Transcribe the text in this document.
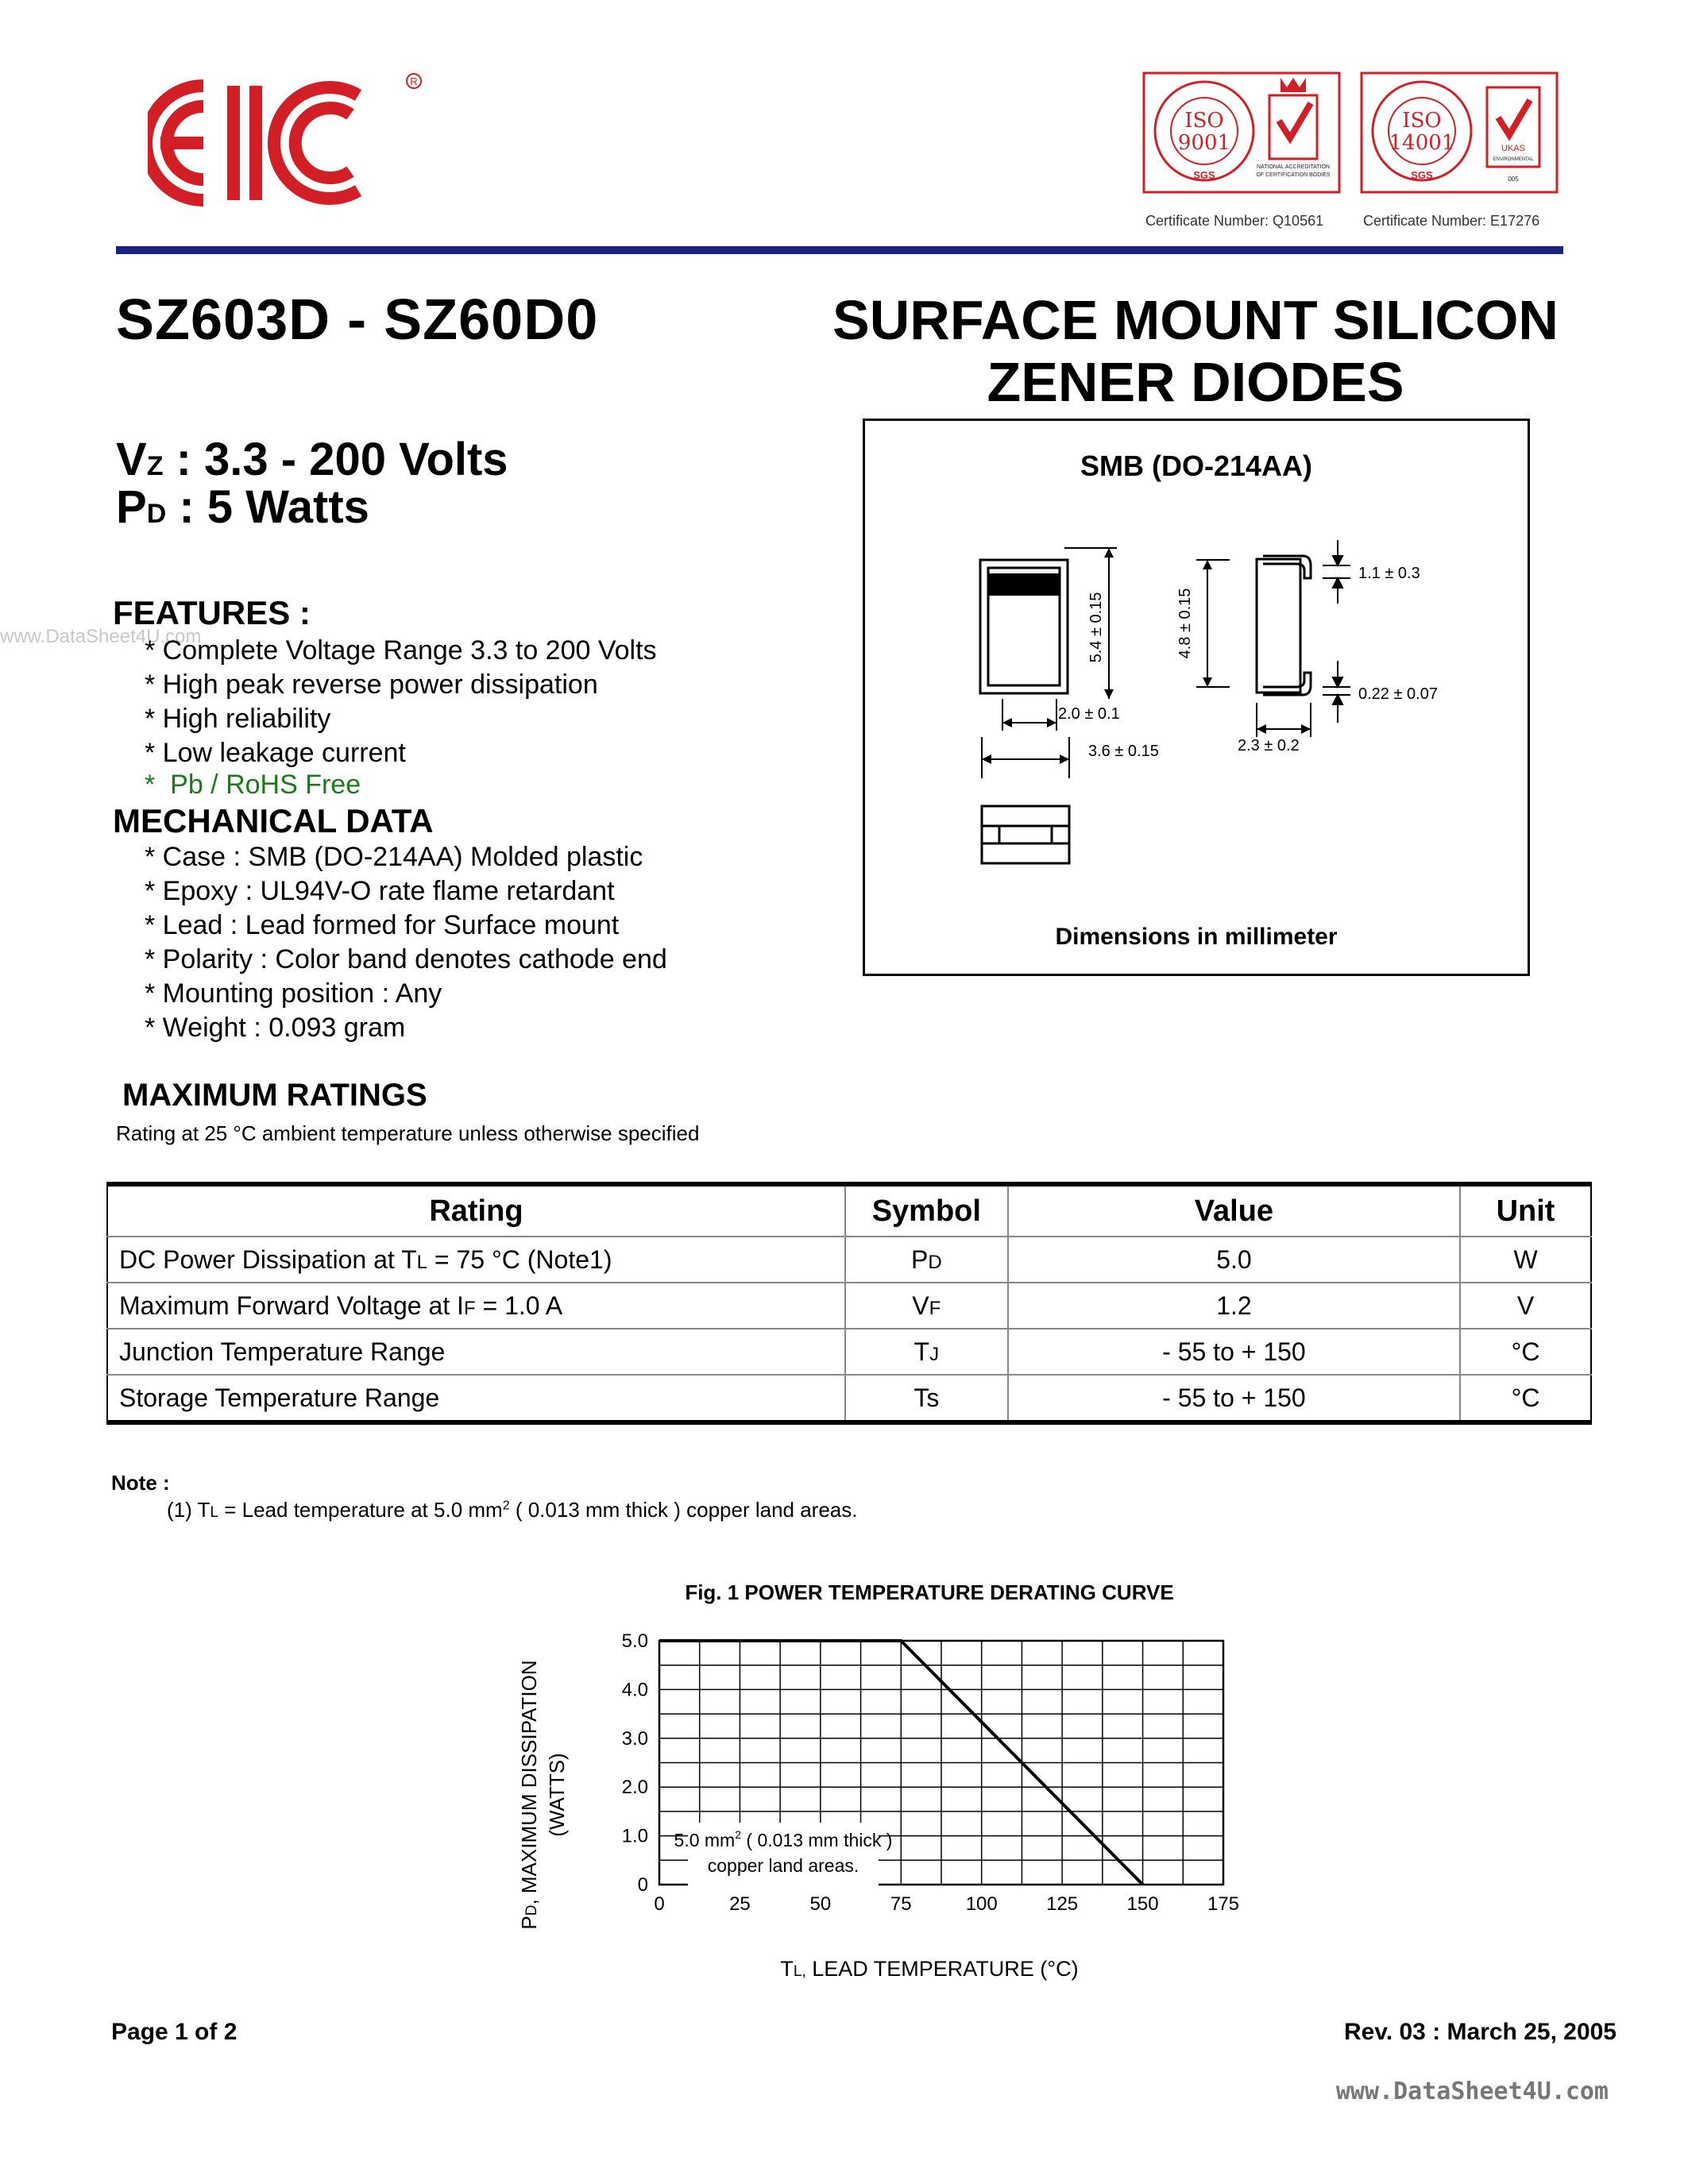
R
ISO
9001
SGS
NATIONAL ACCREDITATION
OF CERTIFICATION BODIES
Certificate Number: Q10561
ISO
14001
SGS
UKAS
ENVIRONMENTAL
005
Certificate Number: E17276
SZ603D - SZ60D0	SURFACE MOUNT SILICON
ZENER DIODES
VZ : 3.3 - 200 Volts
PD : 5 Watts
www.DataSheet4U.com
FEATURES :
* Complete Voltage Range 3.3 to 200 Volts
* High peak reverse power dissipation
* High reliability
* Low leakage current
* Pb / RoHS Free
MECHANICAL DATA
* Case : SMB (DO-214AA) Molded plastic
* Epoxy : UL94V-O rate flame retardant
* Lead : Lead formed for Surface mount
* Polarity : Color band denotes cathode end
* Mounting position : Any
* Weight : 0.093 gram
SMB (DO-214AA)
5.4 ± 0.15	4.8 ± 0.15
1.1 ± 0.3
0.22 ± 0.07
2.0 ± 0.1
2.3 ± 0.2
3.6 ± 0.15
Dimensions in millimeter
MAXIMUM RATINGS
Rating at 25 °C ambient temperature unless otherwise specified
Rating	Symbol	Value	Unit
DC Power Dissipation at TL = 75 °C (Note1)	PD	5.0	W
Maximum Forward Voltage at IF = 1.0 A	VF	1.2	V
Junction Temperature Range	TJ	- 55 to + 150	°C
Storage Temperature Range	Ts	- 55 to + 150	°C
Note :
(1) TL = Lead temperature at 5.0 $mm^2$ ( 0.013 mm thick ) copper land areas.
Fig. 1 POWER TEMPERATURE DERATING CURVE
0	25	50	75	100	125	150	175
0
1.0
2.0
3.0
4.0
5.0
5.0 $mm^2$ ( 0.013 mm thick )
copper land areas.
PD, MAXIMUM DISSIPATION (WATTS)
TL, LEAD TEMPERATURE (°C)
Page 1 of 2	Rev. 03 : March 25, 2005
www.DataSheet4U.com
